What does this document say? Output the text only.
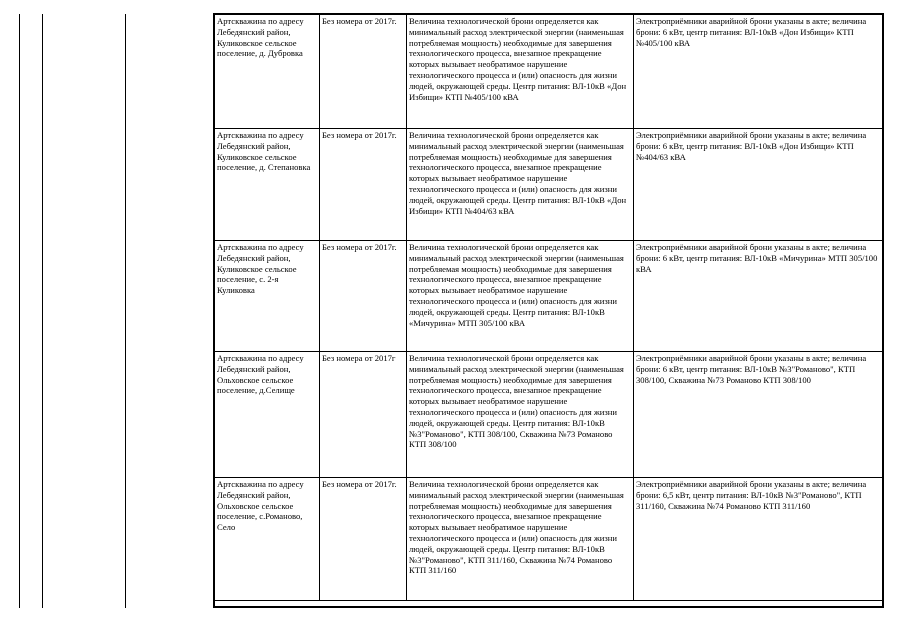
Артскважина по адресу Лебедянский район, Куликовское сельское поселение, д. Дубровка	Без номера от 2017г.	Величина технологической брони определяется как минимальный расход электрической энергии (наименьшая потребляемая мощность) необходимые для завершения технологического процесса, внезапное прекращение которых вызывает необратимое нарушение технологического процесса и (или) опасность для жизни людей, окружающей среды. Центр питания: ВЛ-10кВ «Дон Избищи» КТП №405/100 кВА	Электроприёмники аварийной брони указаны в акте; величина брони: 6 кВт, центр питания: ВЛ-10кВ «Дон Избищи» КТП №405/100 кВА
Артскважина по адресу Лебедянский район, Куликовское сельское поселение, д. Степановка	Без номера от 2017г.	Величина технологической брони определяется как минимальный расход электрической энергии (наименьшая потребляемая мощность) необходимые для завершения технологического процесса, внезапное прекращение которых вызывает необратимое нарушение технологического процесса и (или) опасность для жизни людей, окружающей среды. Центр питания: ВЛ-10кВ «Дон Избищи» КТП №404/63 кВА	Электроприёмники аварийной брони указаны в акте; величина брони: 6 кВт, центр питания: ВЛ-10кВ «Дон Избищи» КТП №404/63 кВА
Артскважина по адресу Лебедянский район, Куликовское сельское поселение, с. 2-я Куликовка	Без номера от 2017г.	Величина технологической брони определяется как минимальный расход электрической энергии (наименьшая потребляемая мощность) необходимые для завершения технологического процесса, внезапное прекращение которых вызывает необратимое нарушение технологического процесса и (или) опасность для жизни людей, окружающей среды. Центр питания: ВЛ-10кВ «Мичурина» МТП 305/100 кВА	Электроприёмники аварийной брони указаны в акте; величина брони: 6 кВт, центр питания: ВЛ-10кВ «Мичурина» МТП 305/100 кВА
Артскважина по адресу Лебедянский район, Ольховское сельское поселение, д.Селище	Без номера от 2017г	Величина технологической брони определяется как минимальный расход электрической энергии (наименьшая потребляемая мощность) необходимые для завершения технологического процесса, внезапное прекращение которых вызывает необратимое нарушение технологического процесса и (или) опасность для жизни людей, окружающей среды. Центр питания: ВЛ-10кВ №3"Романово", КТП 308/100, Скважина №73 Романово КТП 308/100	Электроприёмники аварийной брони указаны в акте; величина брони: 6 кВт, центр питания: ВЛ-10кВ №3"Романово", КТП 308/100, Скважина №73 Романово КТП 308/100
Артскважина по адресу Лебедянский район, Ольховское сельское поселение, с.Романово, Село	Без номера от 2017г.	Величина технологической брони определяется как минимальный расход электрической энергии (наименьшая потребляемая мощность) необходимые для завершения технологического процесса, внезапное прекращение которых вызывает необратимое нарушение технологического процесса и (или) опасность для жизни людей, окружающей среды. Центр питания: ВЛ-10кВ №3"Романово", КТП 311/160, Скважина №74 Романово КТП 311/160	Электроприёмники аварийной брони указаны в акте; величина брони: 6,5 кВт, центр питания: ВЛ-10кВ №3"Романово", КТП 311/160, Скважина №74 Романово КТП 311/160
